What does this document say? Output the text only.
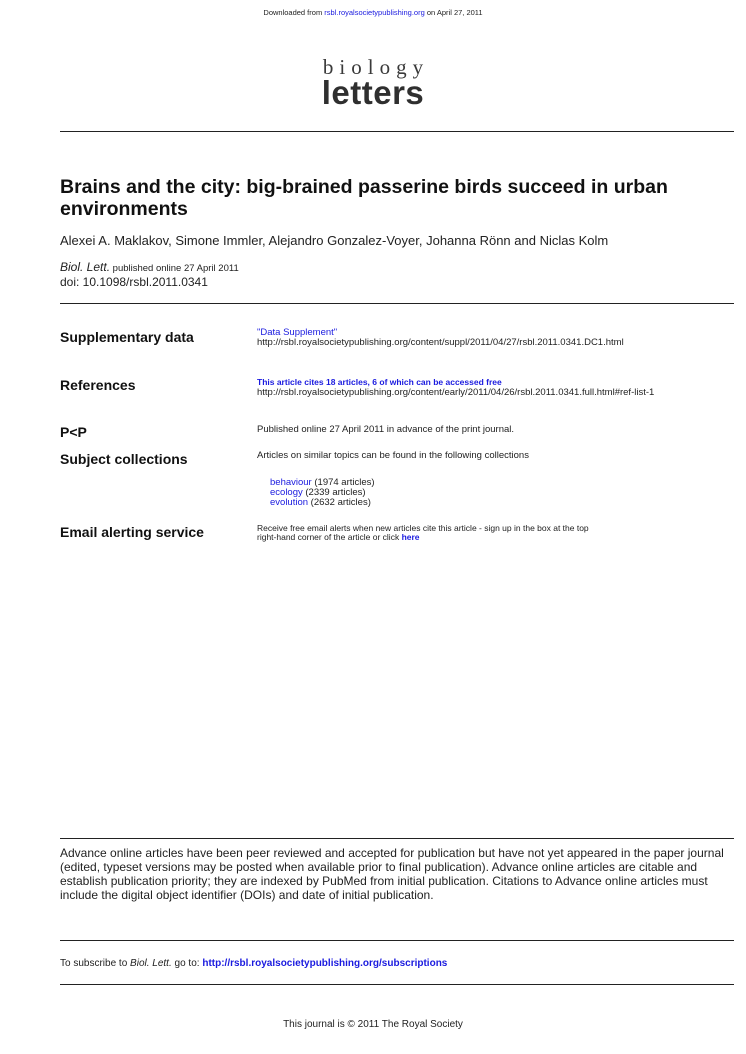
Downloaded from rsbl.royalsocietypublishing.org on April 27, 2011
biology
letters
Brains and the city: big-brained passerine birds succeed in urban environments
Alexei A. Maklakov, Simone Immler, Alejandro Gonzalez-Voyer, Johanna Rönn and Niclas Kolm
Biol. Lett. published online 27 April 2011
doi: 10.1098/rsbl.2011.0341
Supplementary data	"Data Supplement"
http://rsbl.royalsocietypublishing.org/content/suppl/2011/04/27/rsbl.2011.0341.DC1.html
References	This article cites 18 articles, 6 of which can be accessed free
http://rsbl.royalsocietypublishing.org/content/early/2011/04/26/rsbl.2011.0341.full.html#ref-list-1
P<P	Published online 27 April 2011 in advance of the print journal.
Subject collections	Articles on similar topics can be found in the following collections
behaviour (1974 articles)
ecology (2339 articles)
evolution (2632 articles)
Email alerting service	Receive free email alerts when new articles cite this article - sign up in the box at the top
right-hand corner of the article or click here
Advance online articles have been peer reviewed and accepted for publication but have not yet appeared in the paper journal (edited, typeset versions may be posted when available prior to final publication). Advance online articles are citable and establish publication priority; they are indexed by PubMed from initial publication. Citations to Advance online articles must include the digital object identifier (DOIs) and date of initial publication.
To subscribe to Biol. Lett. go to: http://rsbl.royalsocietypublishing.org/subscriptions
This journal is © 2011 The Royal Society
